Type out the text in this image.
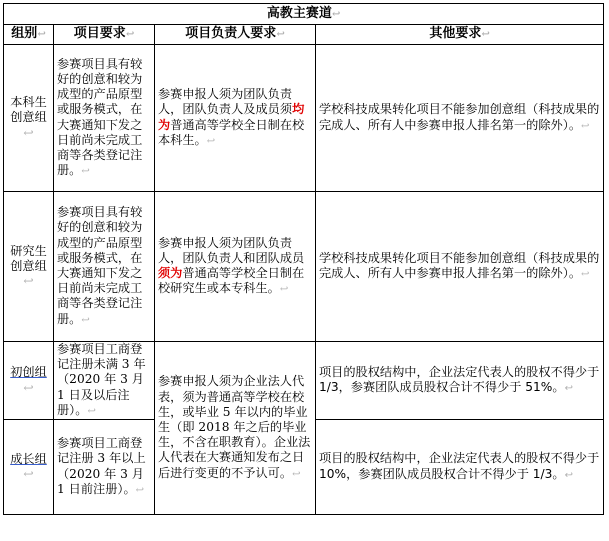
高教主赛道↩			
组别↩	项目要求↩	项目负责人要求↩	其他要求↩
本科生创意组↩	参赛项目具有较好的创意和较为成型的产品原型或服务模式，在大赛通知下发之日前尚未完成工商等各类登记注册。↩	参赛申报人须为团队负责人，团队负责人及成员须均为普通高等学校全日制在校本科生。↩	学校科技成果转化项目不能参加创意组（科技成果的完成人、所有人中参赛申报人排名第一的除外）。↩
研究生创意组↩	参赛项目具有较好的创意和较为成型的产品原型或服务模式，在大赛通知下发之日前尚未完成工商等各类登记注册。↩	参赛申报人须为团队负责人，团队负责人和团队成员须为普通高等学校全日制在校研究生或本专科生。↩	学校科技成果转化项目不能参加创意组（科技成果的完成人、所有人中参赛申报人排名第一的除外）。↩
初创组↩	参赛项目工商登记注册未满 3 年（2020 年 3 月 1 日及以后注册）。↩	参赛申报人须为企业法人代表，须为普通高等学校在校生，或毕业 5 年以内的毕业生（即 2018 年之后的毕业生，不含在职教育）。企业法人代表在大赛通知发布之日后进行变更的不予认可。↩	项目的股权结构中，企业法定代表人的股权不得少于 1/3，参赛团队成员股权合计不得少于 51%。↩
成长组↩	参赛项目工商登记注册 3 年以上（2020 年 3 月 1 日前注册）。↩		项目的股权结构中，企业法定代表人的股权不得少于 10%，参赛团队成员股权合计不得少于 1/3。↩
